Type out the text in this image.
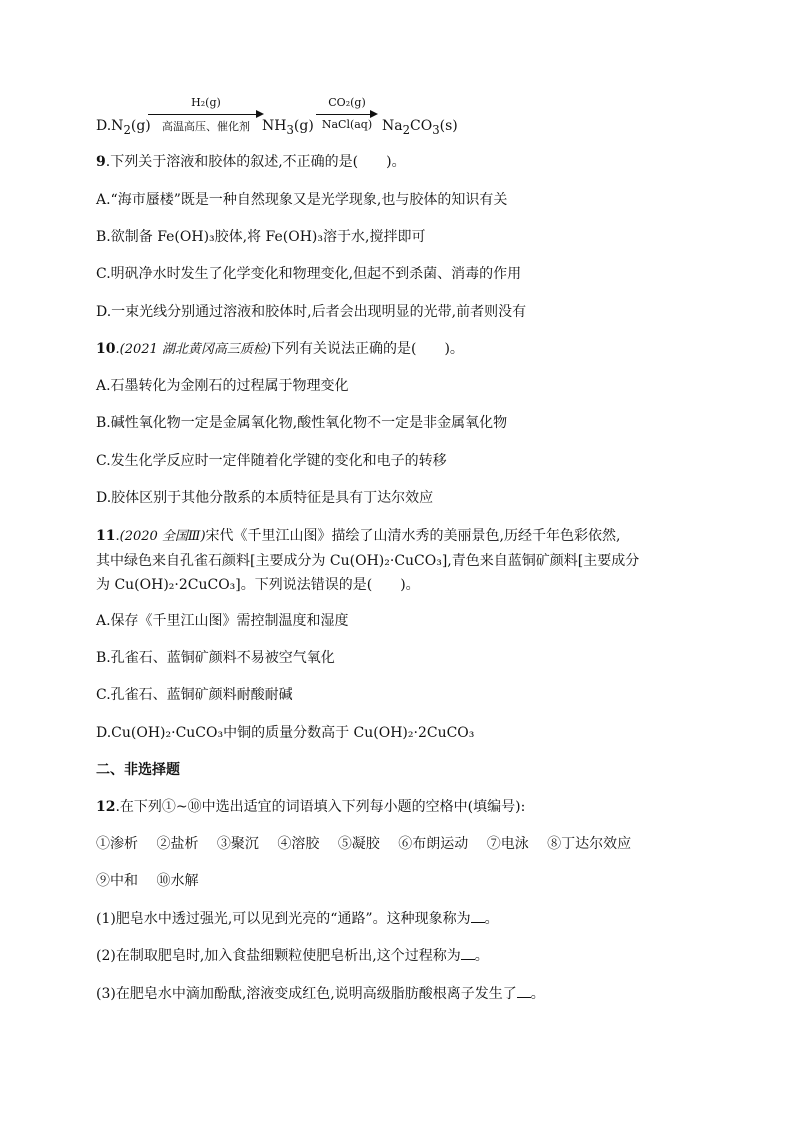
$D.N_2(g)$
H₂(g)
高温高压、催化剂 $NH_3(g)$
CO₂(g)
NaCl(aq) $Na_2CO_3(s)$
9.下列关于溶液和胶体的叙述,不正确的是(　　)。
A.“海市蜃楼”既是一种自然现象又是光学现象,也与胶体的知识有关
B.欲制备 Fe(OH)₃胶体,将 Fe(OH)₃溶于水,搅拌即可
C.明矾净水时发生了化学变化和物理变化,但起不到杀菌、消毒的作用
D.一束光线分别通过溶液和胶体时,后者会出现明显的光带,前者则没有
10.(2021 湖北黄冈高三质检)下列有关说法正确的是(　　)。
A.石墨转化为金刚石的过程属于物理变化
B.碱性氧化物一定是金属氧化物,酸性氧化物不一定是非金属氧化物
C.发生化学反应时一定伴随着化学键的变化和电子的转移
D.胶体区别于其他分散系的本质特征是具有丁达尔效应
11.(2020 全国Ⅲ)宋代《千里江山图》描绘了山清水秀的美丽景色,历经千年色彩依然,
其中绿色来自孔雀石颜料[主要成分为 Cu(OH)₂·CuCO₃],青色来自蓝铜矿颜料[主要成分
为 Cu(OH)₂·2CuCO₃]。下列说法错误的是(　　)。
A.保存《千里江山图》需控制温度和湿度
B.孔雀石、蓝铜矿颜料不易被空气氧化
C.孔雀石、蓝铜矿颜料耐酸耐碱
D.Cu(OH)₂·CuCO₃中铜的质量分数高于 Cu(OH)₂·2CuCO₃
二、非选择题
12.在下列①~⑩中选出适宜的词语填入下列每小题的空格中(填编号):
①渗析 ②盐析 ③聚沉 ④溶胶 ⑤凝胶 ⑥布朗运动 ⑦电泳 ⑧丁达尔效应
⑨中和 ⑩水解
(1)肥皂水中透过强光,可以见到光亮的“通路”。这种现象称为 。
(2)在制取肥皂时,加入食盐细颗粒使肥皂析出,这个过程称为 。
(3)在肥皂水中滴加酚酞,溶液变成红色,说明高级脂肪酸根离子发生了 。
